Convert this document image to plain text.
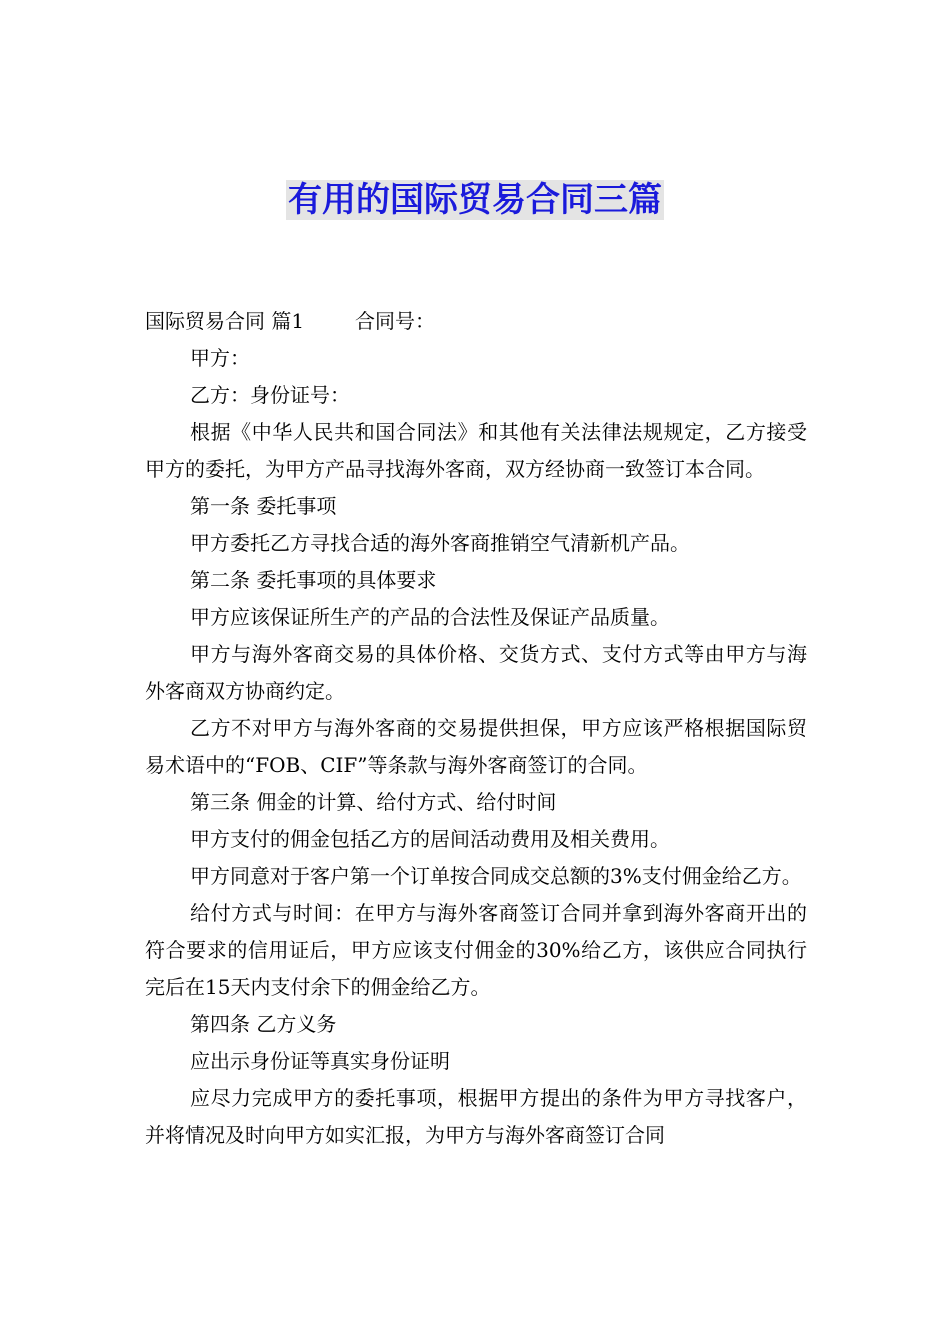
有用的国际贸易合同三篇

国际贸易合同 篇1        合同号：

甲方：

乙方：身份证号：

根据《中华人民共和国合同法》和其他有关法律法规规定，乙方接受甲方的委托，为甲方产品寻找海外客商，双方经协商一致签订本合同。

第一条 委托事项

甲方委托乙方寻找合适的海外客商推销空气清新机产品。

第二条 委托事项的具体要求

甲方应该保证所生产的产品的合法性及保证产品质量。

甲方与海外客商交易的具体价格、交货方式、支付方式等由甲方与海外客商双方协商约定。

乙方不对甲方与海外客商的交易提供担保，甲方应该严格根据国际贸易术语中的“FOB、CIF”等条款与海外客商签订的合同。

第三条 佣金的计算、给付方式、给付时间

甲方支付的佣金包括乙方的居间活动费用及相关费用。

甲方同意对于客户第一个订单按合同成交总额的3%支付佣金给乙方。

给付方式与时间：在甲方与海外客商签订合同并拿到海外客商开出的符合要求的信用证后，甲方应该支付佣金的30%给乙方，该供应合同执行完后在15天内支付余下的佣金给乙方。

第四条 乙方义务

应出示身份证等真实身份证明

应尽力完成甲方的委托事项，根据甲方提出的条件为甲方寻找客户，并将情况及时向甲方如实汇报，为甲方与海外客商签订合同
